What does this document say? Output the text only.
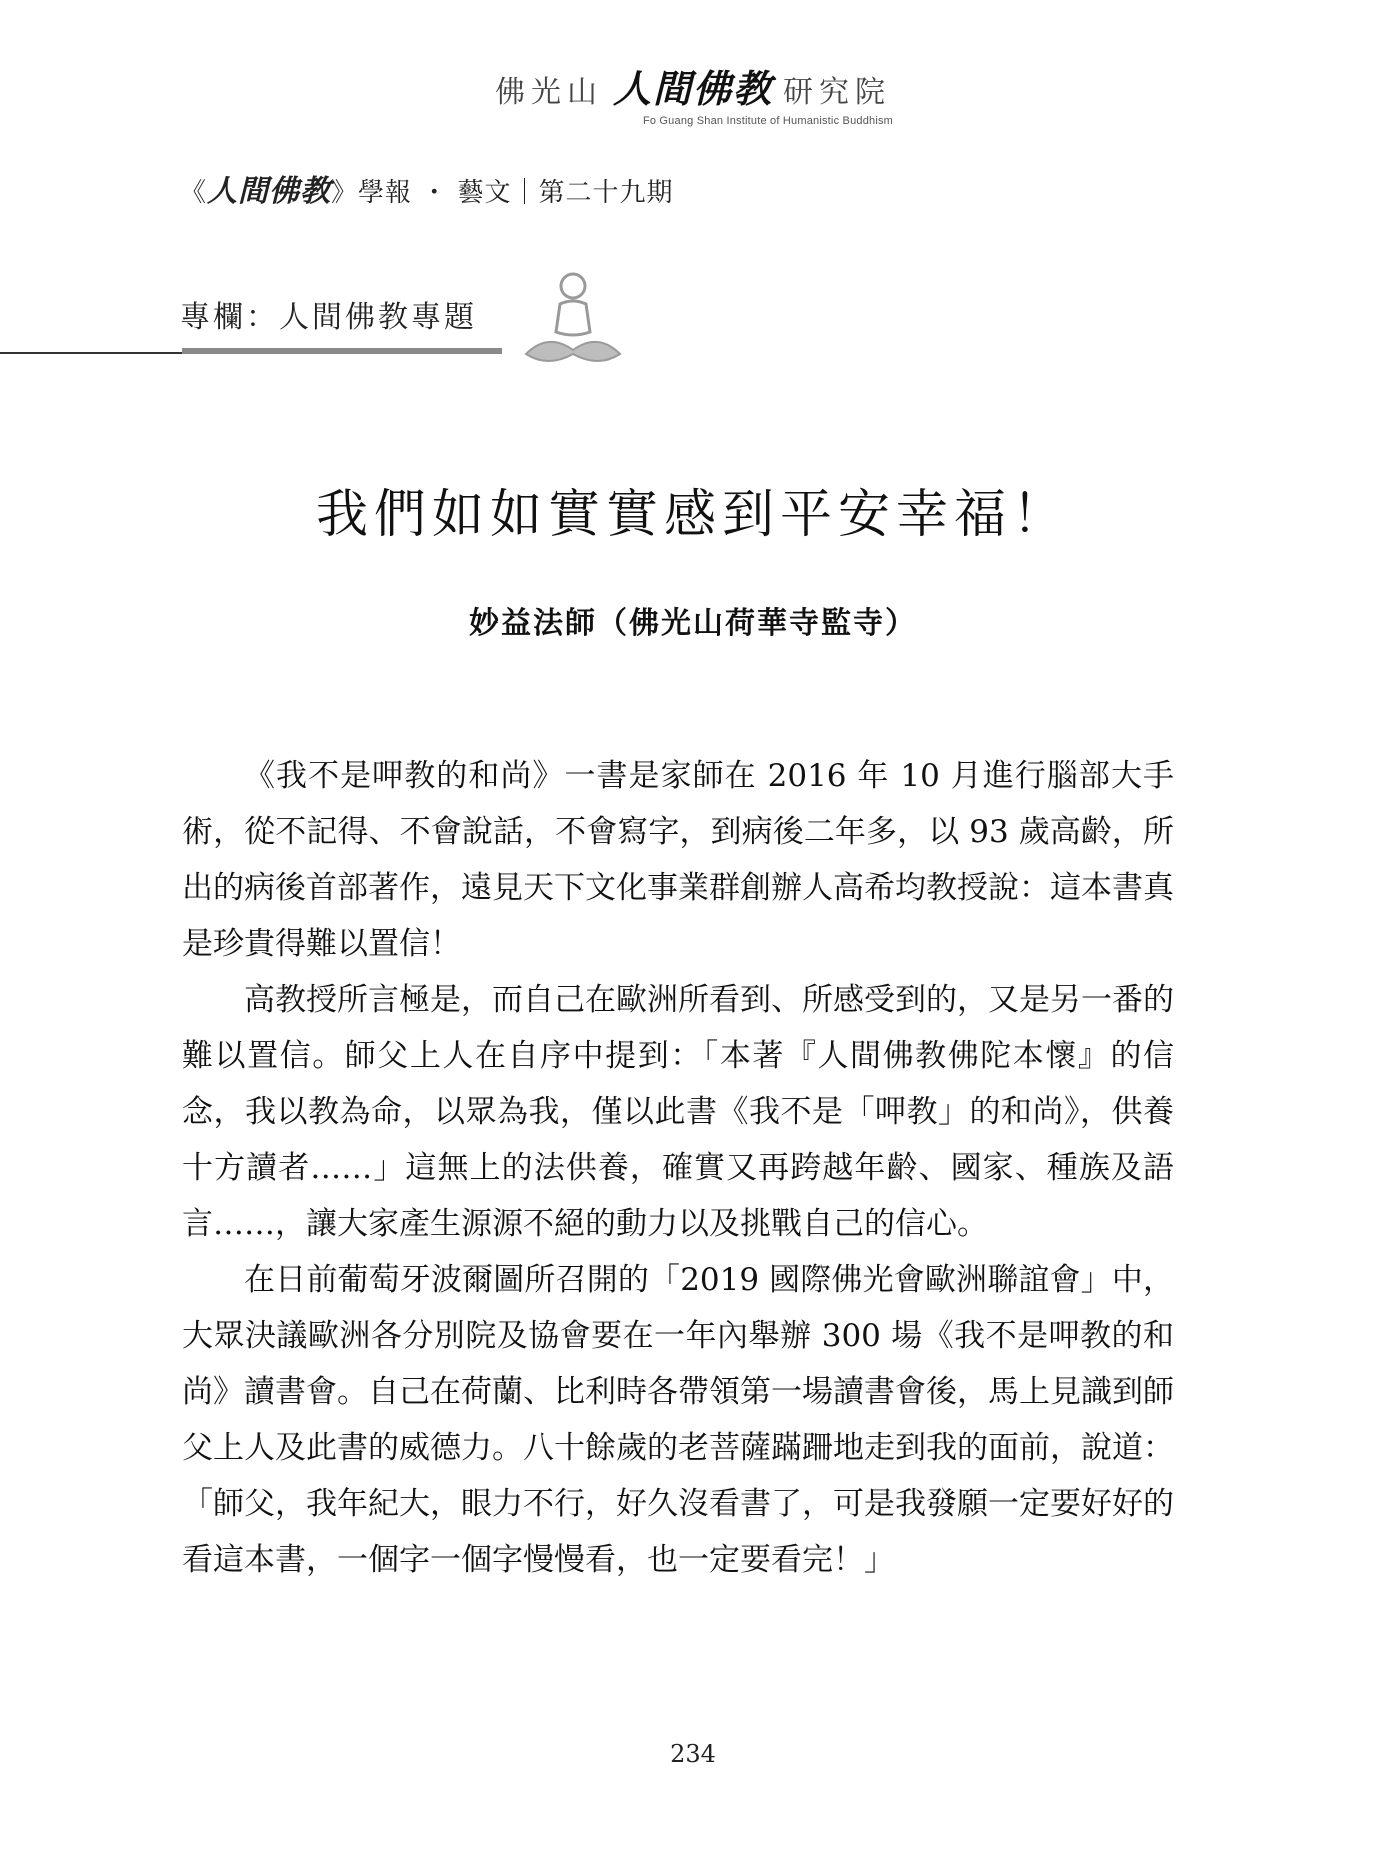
佛光山 人間佛教 研究院
Fo Guang Shan Institute of Humanistic Buddhism
《人間佛教》學報 ・ 藝文｜第二十九期
專欄：人間佛教專題
我們如如實實感到平安幸福！
妙益法師（佛光山荷華寺監寺）

《我不是呷教的和尚》一書是家師在 2016 年 10 月進行腦部大手術，從不記得、不會說話，不會寫字，到病後二年多，以 93 歲高齡，所出的病後首部著作，遠見天下文化事業群創辦人高希均教授說：這本書真是珍貴得難以置信！

高教授所言極是，而自己在歐洲所看到、所感受到的，又是另一番的難以置信。師父上人在自序中提到：「本著『人間佛教佛陀本懷』的信念，我以教為命，以眾為我，僅以此書《我不是「呷教」的和尚》，供養十方讀者……」這無上的法供養，確實又再跨越年齡、國家、種族及語言……，讓大家產生源源不絕的動力以及挑戰自己的信心。

在日前葡萄牙波爾圖所召開的「2019 國際佛光會歐洲聯誼會」中，大眾決議歐洲各分別院及協會要在一年內舉辦 300 場《我不是呷教的和尚》讀書會。自己在荷蘭、比利時各帶領第一場讀書會後，馬上見識到師父上人及此書的威德力。八十餘歲的老菩薩蹣跚地走到我的面前，說道：「師父，我年紀大，眼力不行，好久沒看書了，可是我發願一定要好好的看這本書，一個字一個字慢慢看，也一定要看完！」

234
